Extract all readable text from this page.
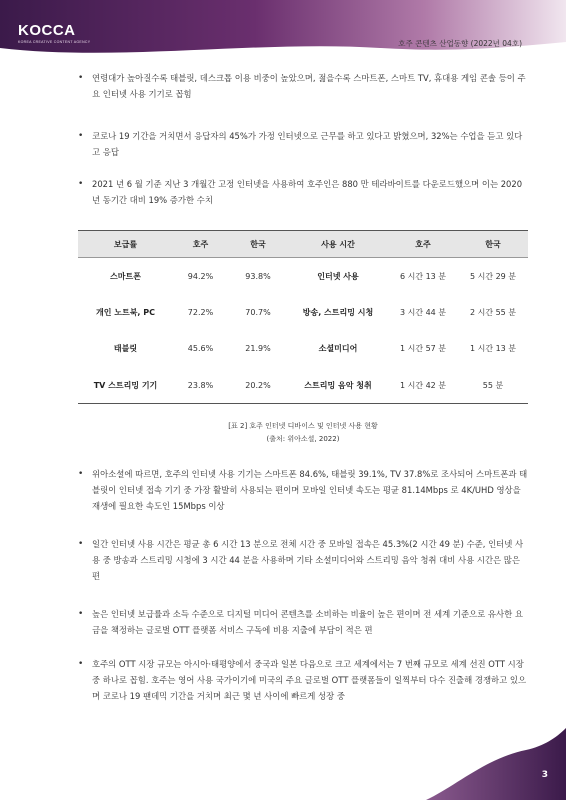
KOCCA
KOREA CREATIVE CONTENT AGENCY	호주 콘텐츠 산업동향 (2022년 04호)
• 연령대가 높아질수록 태블릿, 데스크톱 이용 비중이 높았으며, 젊을수록 스마트폰, 스마트 TV, 휴대용 게임 콘솔 등이 주요 인터넷 사용 기기로 꼽힘
• 코로나 19 기간을 거치면서 응답자의 45%가 가정 인터넷으로 근무를 하고 있다고 밝혔으며, 32%는 수업을 듣고 있다고 응답
• 2021 년 6 월 기준 지난 3 개월간 고정 인터넷을 사용하여 호주인은 880 만 테라바이트를 다운로드했으며 이는 2020 년 동기간 대비 19% 증가한 수치
보급률	호주	한국	사용 시간	호주	한국
스마트폰	94.2%	93.8%	인터넷 사용	6 시간 13 분	5 시간 29 분
개인 노트북, PC	72.2%	70.7%	방송, 스트리밍 시청	3 시간 44 분	2 시간 55 분
태블릿	45.6%	21.9%	소셜미디어	1 시간 57 분	1 시간 13 분
TV 스트리밍 기기	23.8%	20.2%	스트리밍 음악 청취	1 시간 42 분	55 분
[표 2] 호주 인터넷 디바이스 및 인터넷 사용 현황
(출처: 위아소셜, 2022)
• 위아소셜에 따르면, 호주의 인터넷 사용 기기는 스마트폰 84.6%, 태블릿 39.1%, TV 37.8%로 조사되어 스마트폰과 태블릿이 인터넷 접속 기기 중 가장 활발히 사용되는 편이며 모바일 인터넷 속도는 평균 81.14Mbps 로 4K/UHD 영상을 재생에 필요한 속도인 15Mbps 이상
• 일간 인터넷 사용 시간은 평균 총 6 시간 13 분으로 전체 시간 중 모바일 접속은 45.3%(2 시간 49 분) 수준, 인터넷 사용 중 방송과 스트리밍 시청에 3 시간 44 분을 사용하며 기타 소셜미디어와 스트리밍 음악 청취 대비 사용 시간은 많은 편
• 높은 인터넷 보급률과 소득 수준으로 디지털 미디어 콘텐츠를 소비하는 비율이 높은 편이며 전 세계 기준으로 유사한 요금을 책정하는 글로벌 OTT 플랫폼 서비스 구독에 비용 지출에 부담이 적은 편
• 호주의 OTT 시장 규모는 아시아·태평양에서 중국과 일본 다음으로 크고 세계에서는 7 번째 규모로 세계 선진 OTT 시장 중 하나로 꼽힘. 호주는 영어 사용 국가이기에 미국의 주요 글로벌 OTT 플랫폼들이 일찍부터 다수 진출해 경쟁하고 있으며 코로나 19 팬데믹 기간을 거치며 최근 몇 년 사이에 빠르게 성장 중
3
